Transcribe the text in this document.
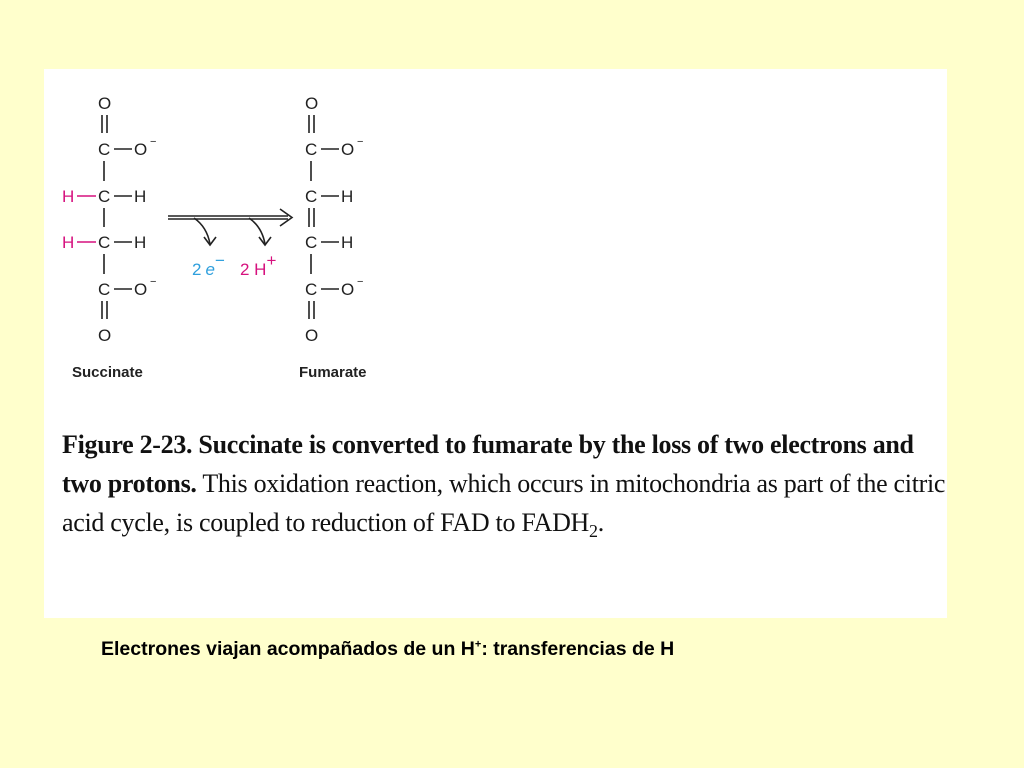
O
C O −
H C H
H C H
C O −
O
Succinate
2 e− 2 H+
O
C O −
C H
C H
C O −
O
Fumarate
Figure 2-23. Succinate is converted to fumarate by the loss of two electrons and two protons. This oxidation reaction, which occurs in mitochondria as part of the citric acid cycle, is coupled to reduction of FAD to $FADH_2$.
Electrones viajan acompañados de un H+: transferencias de H
